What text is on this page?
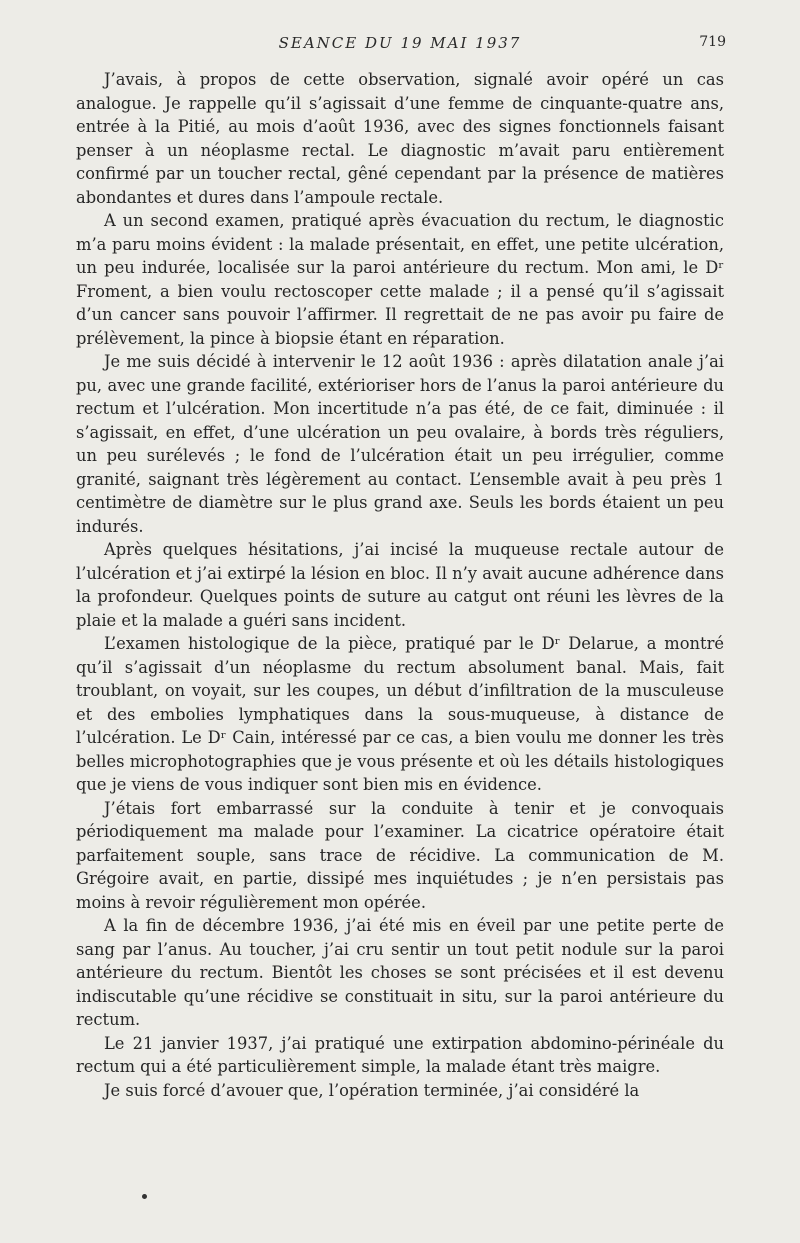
SEANCE DU 19 MAI 1937	719

J’avais, à propos de cette observation, signalé avoir opéré un cas analogue. Je rappelle qu’il s’agissait d’une femme de cinquante-quatre ans, entrée à la Pitié, au mois d’août 1936, avec des signes fonctionnels faisant penser à un néoplasme rectal. Le diagnostic m’avait paru entièrement confirmé par un toucher rectal, gêné cependant par la présence de matières abondantes et dures dans l’ampoule rectale.

A un second examen, pratiqué après évacuation du rectum, le diagnostic m’a paru moins évident : la malade présentait, en effet, une petite ulcération, un peu indurée, localisée sur la paroi antérieure du rectum. Mon ami, le Dʳ Froment, a bien voulu rectoscoper cette malade ; il a pensé qu’il s’agissait d’un cancer sans pouvoir l’affirmer. Il regrettait de ne pas avoir pu faire de prélèvement, la pince à biopsie étant en réparation.

Je me suis décidé à intervenir le 12 août 1936 : après dilatation anale j’ai pu, avec une grande facilité, extérioriser hors de l’anus la paroi antérieure du rectum et l’ulcération. Mon incertitude n’a pas été, de ce fait, diminuée : il s’agissait, en effet, d’une ulcération un peu ovalaire, à bords très réguliers, un peu surélevés ; le fond de l’ulcération était un peu irrégulier, comme granité, saignant très légèrement au contact. L’ensemble avait à peu près 1 centimètre de diamètre sur le plus grand axe. Seuls les bords étaient un peu indurés.

Après quelques hésitations, j’ai incisé la muqueuse rectale autour de l’ulcération et j’ai extirpé la lésion en bloc. Il n’y avait aucune adhérence dans la profondeur. Quelques points de suture au catgut ont réuni les lèvres de la plaie et la malade a guéri sans incident.

L’examen histologique de la pièce, pratiqué par le Dʳ Delarue, a montré qu’il s’agissait d’un néoplasme du rectum absolument banal. Mais, fait troublant, on voyait, sur les coupes, un début d’infiltration de la musculeuse et des embolies lymphatiques dans la sous-muqueuse, à distance de l’ulcération. Le Dʳ Cain, intéressé par ce cas, a bien voulu me donner les très belles microphotographies que je vous présente et où les détails histologiques que je viens de vous indiquer sont bien mis en évidence.

J’étais fort embarrassé sur la conduite à tenir et je convoquais périodiquement ma malade pour l’examiner. La cicatrice opératoire était parfaitement souple, sans trace de récidive. La communication de M. Grégoire avait, en partie, dissipé mes inquiétudes ; je n’en persistais pas moins à revoir régulièrement mon opérée.

A la fin de décembre 1936, j’ai été mis en éveil par une petite perte de sang par l’anus. Au toucher, j’ai cru sentir un tout petit nodule sur la paroi antérieure du rectum. Bientôt les choses se sont précisées et il est devenu indiscutable qu’une récidive se constituait in situ, sur la paroi antérieure du rectum.

Le 21 janvier 1937, j’ai pratiqué une extirpation abdomino-périnéale du rectum qui a été particulièrement simple, la malade étant très maigre.

Je suis forcé d’avouer que, l’opération terminée, j’ai considéré la
